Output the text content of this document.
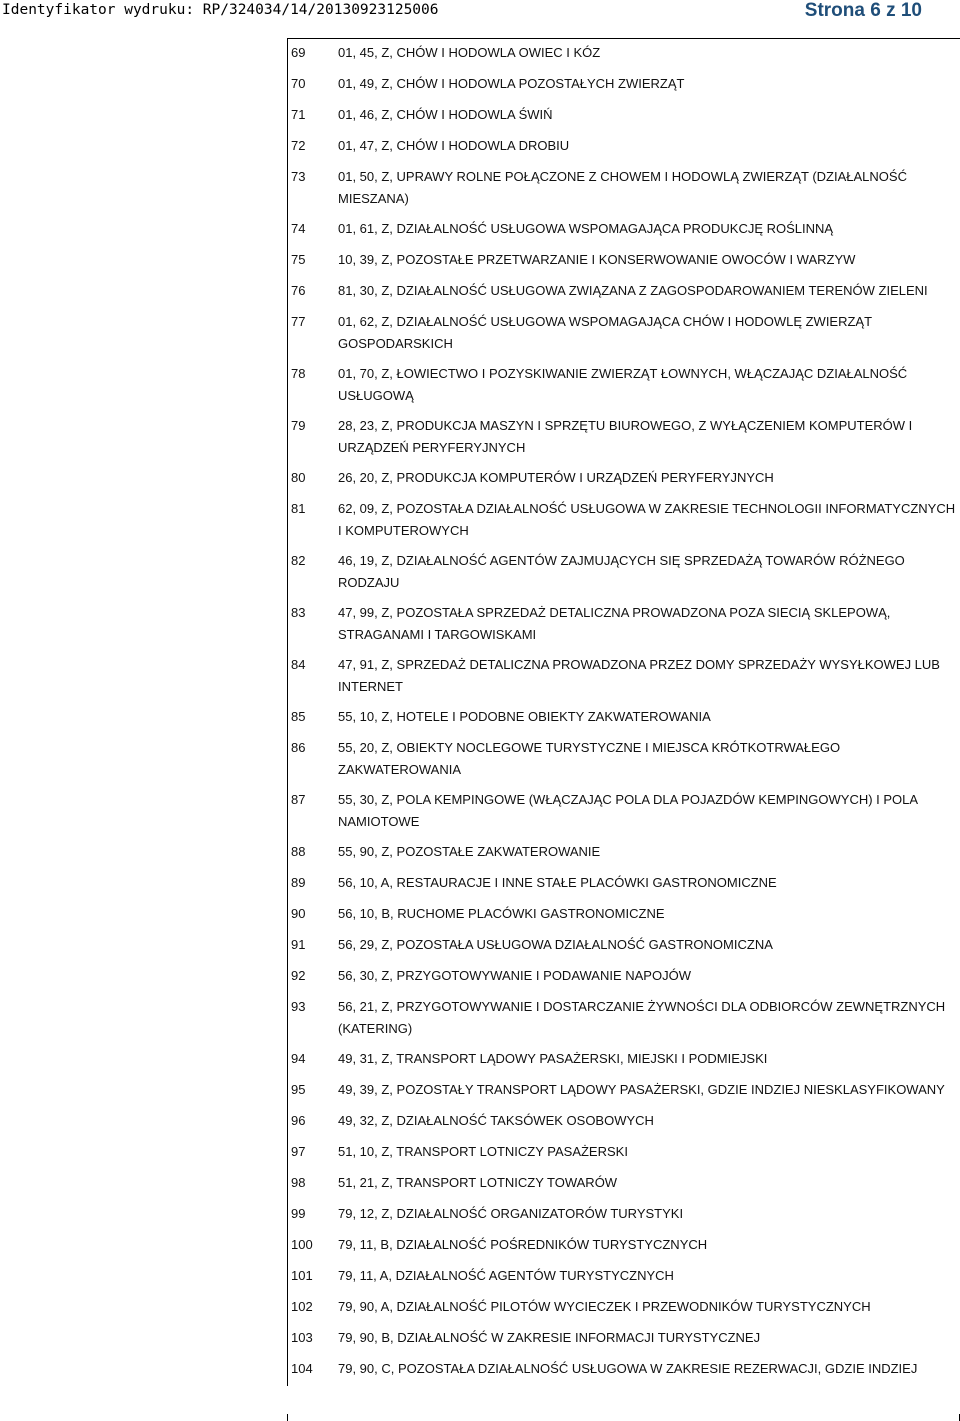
Identyfikator wydruku: RP/324034/14/20130923125006	Strona 6 z 10
69	01, 45, Z, CHÓW I HODOWLA OWIEC I KÓZ
70	01, 49, Z, CHÓW I HODOWLA POZOSTAŁYCH ZWIERZĄT
71	01, 46, Z, CHÓW I HODOWLA ŚWIŃ
72	01, 47, Z, CHÓW I HODOWLA DROBIU
73	01, 50, Z, UPRAWY ROLNE POŁĄCZONE Z CHOWEM I HODOWLĄ ZWIERZĄT (DZIAŁALNOŚĆ MIESZANA)
74	01, 61, Z, DZIAŁALNOŚĆ USŁUGOWA WSPOMAGAJĄCA PRODUKCJĘ ROŚLINNĄ
75	10, 39, Z, POZOSTAŁE PRZETWARZANIE I KONSERWOWANIE OWOCÓW I WARZYW
76	81, 30, Z, DZIAŁALNOŚĆ USŁUGOWA ZWIĄZANA Z ZAGOSPODAROWANIEM TERENÓW ZIELENI
77	01, 62, Z, DZIAŁALNOŚĆ USŁUGOWA WSPOMAGAJĄCA CHÓW I HODOWLĘ ZWIERZĄT GOSPODARSKICH
78	01, 70, Z, ŁOWIECTWO I POZYSKIWANIE ZWIERZĄT ŁOWNYCH, WŁĄCZAJĄC DZIAŁALNOŚĆ USŁUGOWĄ
79	28, 23, Z, PRODUKCJA MASZYN I SPRZĘTU BIUROWEGO, Z WYŁĄCZENIEM KOMPUTERÓW I URZĄDZEŃ PERYFERYJNYCH
80	26, 20, Z, PRODUKCJA KOMPUTERÓW I URZĄDZEŃ PERYFERYJNYCH
81	62, 09, Z, POZOSTAŁA DZIAŁALNOŚĆ USŁUGOWA W ZAKRESIE TECHNOLOGII INFORMATYCZNYCH I KOMPUTEROWYCH
82	46, 19, Z, DZIAŁALNOŚĆ AGENTÓW ZAJMUJĄCYCH SIĘ SPRZEDAŻĄ TOWARÓW RÓŻNEGO RODZAJU
83	47, 99, Z, POZOSTAŁA SPRZEDAŻ DETALICZNA PROWADZONA POZA SIECIĄ SKLEPOWĄ, STRAGANAMI I TARGOWISKAMI
84	47, 91, Z, SPRZEDAŻ DETALICZNA PROWADZONA PRZEZ DOMY SPRZEDAŻY WYSYŁKOWEJ LUB INTERNET
85	55, 10, Z, HOTELE I PODOBNE OBIEKTY ZAKWATEROWANIA
86	55, 20, Z, OBIEKTY NOCLEGOWE TURYSTYCZNE I MIEJSCA KRÓTKOTRWAŁEGO ZAKWATEROWANIA
87	55, 30, Z, POLA KEMPINGOWE (WŁĄCZAJĄC POLA DLA POJAZDÓW KEMPINGOWYCH) I POLA NAMIOTOWE
88	55, 90, Z, POZOSTAŁE ZAKWATEROWANIE
89	56, 10, A, RESTAURACJE I INNE STAŁE PLACÓWKI GASTRONOMICZNE
90	56, 10, B, RUCHOME PLACÓWKI GASTRONOMICZNE
91	56, 29, Z, POZOSTAŁA USŁUGOWA DZIAŁALNOŚĆ GASTRONOMICZNA
92	56, 30, Z, PRZYGOTOWYWANIE I PODAWANIE NAPOJÓW
93	56, 21, Z, PRZYGOTOWYWANIE I DOSTARCZANIE ŻYWNOŚCI DLA ODBIORCÓW ZEWNĘTRZNYCH (KATERING)
94	49, 31, Z, TRANSPORT LĄDOWY PASAŻERSKI, MIEJSKI I PODMIEJSKI
95	49, 39, Z, POZOSTAŁY TRANSPORT LĄDOWY PASAŻERSKI, GDZIE INDZIEJ NIESKLASYFIKOWANY
96	49, 32, Z, DZIAŁALNOŚĆ TAKSÓWEK OSOBOWYCH
97	51, 10, Z, TRANSPORT LOTNICZY PASAŻERSKI
98	51, 21, Z, TRANSPORT LOTNICZY TOWARÓW
99	79, 12, Z, DZIAŁALNOŚĆ ORGANIZATORÓW TURYSTYKI
100	79, 11, B, DZIAŁALNOŚĆ POŚREDNIKÓW TURYSTYCZNYCH
101	79, 11, A, DZIAŁALNOŚĆ AGENTÓW TURYSTYCZNYCH
102	79, 90, A, DZIAŁALNOŚĆ PILOTÓW WYCIECZEK I PRZEWODNIKÓW TURYSTYCZNYCH
103	79, 90, B, DZIAŁALNOŚĆ W ZAKRESIE INFORMACJI TURYSTYCZNEJ
104	79, 90, C, POZOSTAŁA DZIAŁALNOŚĆ USŁUGOWA W ZAKRESIE REZERWACJI, GDZIE INDZIEJ
